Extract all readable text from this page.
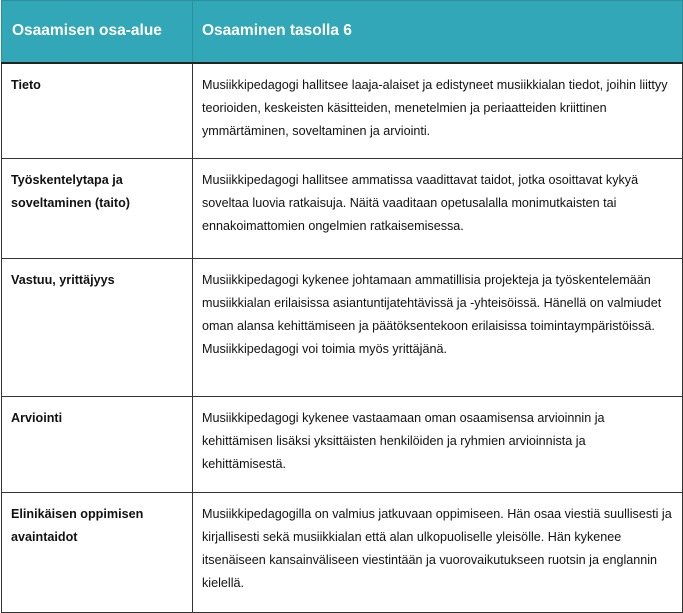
Osaamisen osa-alue	Osaaminen tasolla 6
Tieto	Musiikkipedagogi hallitsee laaja-alaiset ja edistyneet musiikkialan tiedot, joihin liittyy teorioiden, keskeisten käsitteiden, menetelmien ja periaatteiden kriittinen ymmärtäminen, soveltaminen ja arviointi.
Työskentelytapa ja soveltaminen (taito)	Musiikkipedagogi hallitsee ammatissa vaadittavat taidot, jotka osoittavat kykyä soveltaa luovia ratkaisuja. Näitä vaaditaan opetusalalla monimutkaisten tai ennakoimattomien ongelmien ratkaisemisessa.
Vastuu, yrittäjyys	Musiikkipedagogi kykenee johtamaan ammatillisia projekteja ja työskentelemään musiikkialan erilaisissa asiantuntijatehtävissä ja -yhteisöissä. Hänellä on valmiudet oman alansa kehittämiseen ja päätöksentekoon erilaisissa toimintaympäristöissä. Musiikkipedagogi voi toimia myös yrittäjänä.
Arviointi	Musiikkipedagogi kykenee vastaamaan oman osaamisensa arvioinnin ja kehittämisen lisäksi yksittäisten henkilöiden ja ryhmien arvioinnista ja kehittämisestä.
Elinikäisen oppimisen avaintaidot	Musiikkipedagogilla on valmius jatkuvaan oppimiseen. Hän osaa viestiä suullisesti ja kirjallisesti sekä musiikkialan että alan ulkopuoliselle yleisölle. Hän kykenee itsenäiseen kansainväliseen viestintään ja vuorovaikutukseen ruotsin ja englannin kielellä.
